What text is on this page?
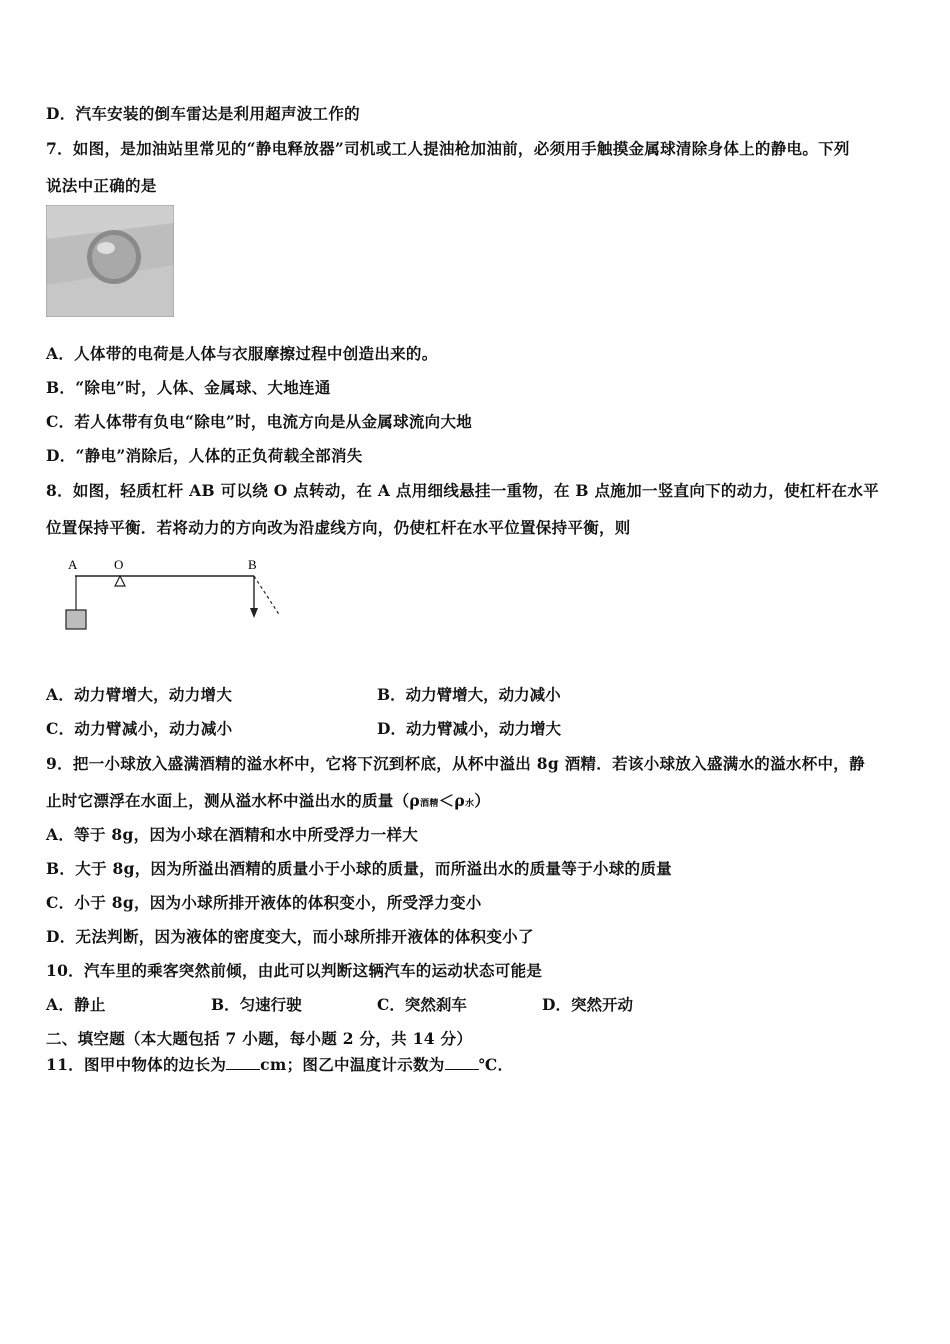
D．汽车安装的倒车雷达是利用超声波工作的
7．如图，是加油站里常见的“静电释放器”司机或工人提油枪加油前，必须用手触摸金属球清除身体上的静电。下列
说法中正确的是
A．人体带的电荷是人体与衣服摩擦过程中创造出来的。
B．“除电”时，人体、金属球、大地连通
C．若人体带有负电“除电”时，电流方向是从金属球流向大地
D．“静电”消除后，人体的正负荷载全部消失
8．如图，轻质杠杆 AB 可以绕 O 点转动，在 A 点用细线悬挂一重物，在 B 点施加一竖直向下的动力，使杠杆在水平
位置保持平衡．若将动力的方向改为沿虚线方向，仍使杠杆在水平位置保持平衡，则
A	O	B
A．动力臂增大，动力增大	B．动力臂增大，动力减小
C．动力臂减小，动力减小	D．动力臂减小，动力增大
9．把一小球放入盛满酒精的溢水杯中，它将下沉到杯底，从杯中溢出 8g 酒精．若该小球放入盛满水的溢水杯中，静
止时它漂浮在水面上，测从溢水杯中溢出水的质量（ρ酒精＜ρ水）
A．等于 8g，因为小球在酒精和水中所受浮力一样大
B．大于 8g，因为所溢出酒精的质量小于小球的质量，而所溢出水的质量等于小球的质量
C．小于 8g，因为小球所排开液体的体积变小，所受浮力变小
D．无法判断，因为液体的密度变大，而小球所排开液体的体积变小了
10．汽车里的乘客突然前倾，由此可以判断这辆汽车的运动状态可能是
A．静止	B．匀速行驶	C．突然刹车	D．突然开动
二、填空题（本大题包括 7 小题，每小题 2 分，共 14 分）
11．图甲中物体的边长为 cm；图乙中温度计示数为 ℃．
